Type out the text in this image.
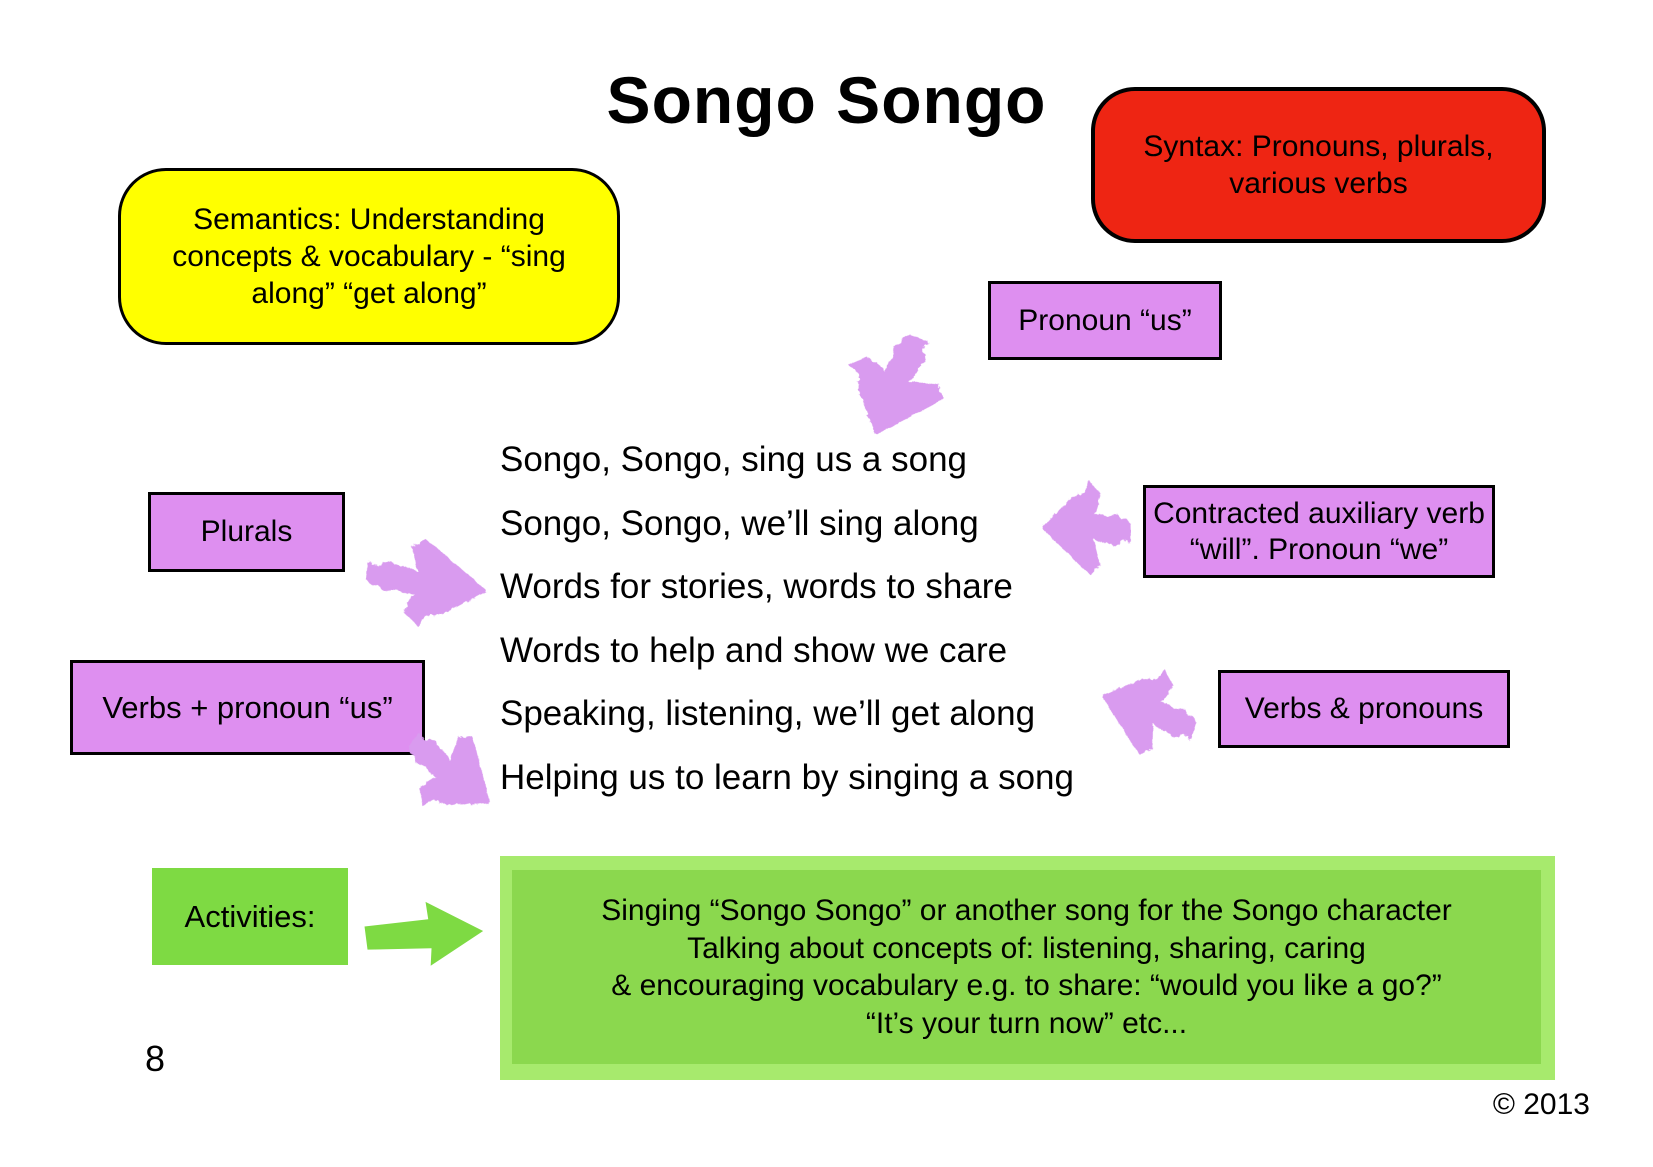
Songo Songo
Syntax: Pronouns, plurals,
various verbs
Semantics: Understanding
concepts & vocabulary - “sing
along” “get along”
Pronoun “us”
Songo, Songo, sing us a song
Songo, Songo, we’ll sing along
Words for stories, words to share
Words to help and show we care
Speaking, listening, we’ll get along
Helping us to learn by singing a song
Plurals
Contracted auxiliary verb
“will”. Pronoun “we”
Verbs + pronoun “us”	Verbs & pronouns
Activities:	Singing “Songo Songo” or another song for the Songo character
Talking about concepts of: listening, sharing, caring
& encouraging vocabulary e.g. to share: “would you like a go?”
“It’s your turn now” etc...
8
© 2013
